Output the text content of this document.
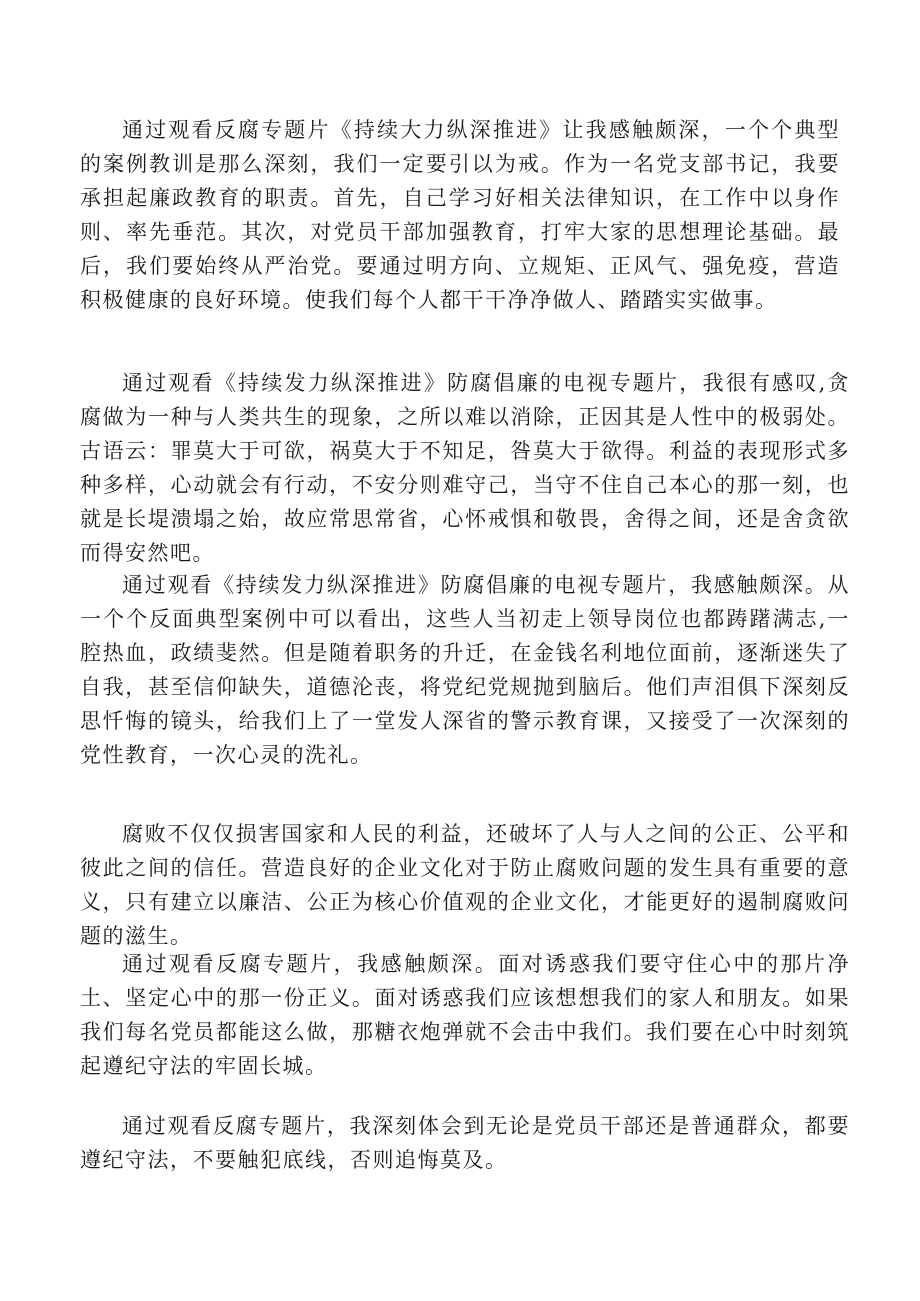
通过观看反腐专题片《持续大力纵深推进》让我感触颇深，一个个典型的案例教训是那么深刻，我们一定要引以为戒。作为一名党支部书记，我要承担起廉政教育的职责。首先，自己学习好相关法律知识，在工作中以身作则、率先垂范。其次，对党员干部加强教育，打牢大家的思想理论基础。最后，我们要始终从严治党。要通过明方向、立规矩、正风气、强免疫，营造积极健康的良好环境。使我们每个人都干干净净做人、踏踏实实做事。

通过观看《持续发力纵深推进》防腐倡廉的电视专题片，我很有感叹,贪腐做为一种与人类共生的现象，之所以难以消除，正因其是人性中的极弱处。古语云：罪莫大于可欲，祸莫大于不知足，咎莫大于欲得。利益的表现形式多种多样，心动就会有行动，不安分则难守己，当守不住自己本心的那一刻，也就是长堤溃塌之始，故应常思常省，心怀戒惧和敬畏，舍得之间，还是舍贪欲而得安然吧。

通过观看《持续发力纵深推进》防腐倡廉的电视专题片，我感触颇深。从一个个反面典型案例中可以看出，这些人当初走上领导岗位也都踌躇满志,一腔热血，政绩斐然。但是随着职务的升迁，在金钱名利地位面前，逐渐迷失了自我，甚至信仰缺失，道德沦丧，将党纪党规抛到脑后。他们声泪俱下深刻反思忏悔的镜头，给我们上了一堂发人深省的警示教育课，又接受了一次深刻的党性教育，一次心灵的洗礼。

腐败不仅仅损害国家和人民的利益，还破坏了人与人之间的公正、公平和彼此之间的信任。营造良好的企业文化对于防止腐败问题的发生具有重要的意义，只有建立以廉洁、公正为核心价值观的企业文化，才能更好的遏制腐败问题的滋生。

通过观看反腐专题片，我感触颇深。面对诱惑我们要守住心中的那片净土、坚定心中的那一份正义。面对诱惑我们应该想想我们的家人和朋友。如果我们每名党员都能这么做，那糖衣炮弹就不会击中我们。我们要在心中时刻筑起遵纪守法的牢固长城。

通过观看反腐专题片，我深刻体会到无论是党员干部还是普通群众，都要遵纪守法，不要触犯底线，否则追悔莫及。
